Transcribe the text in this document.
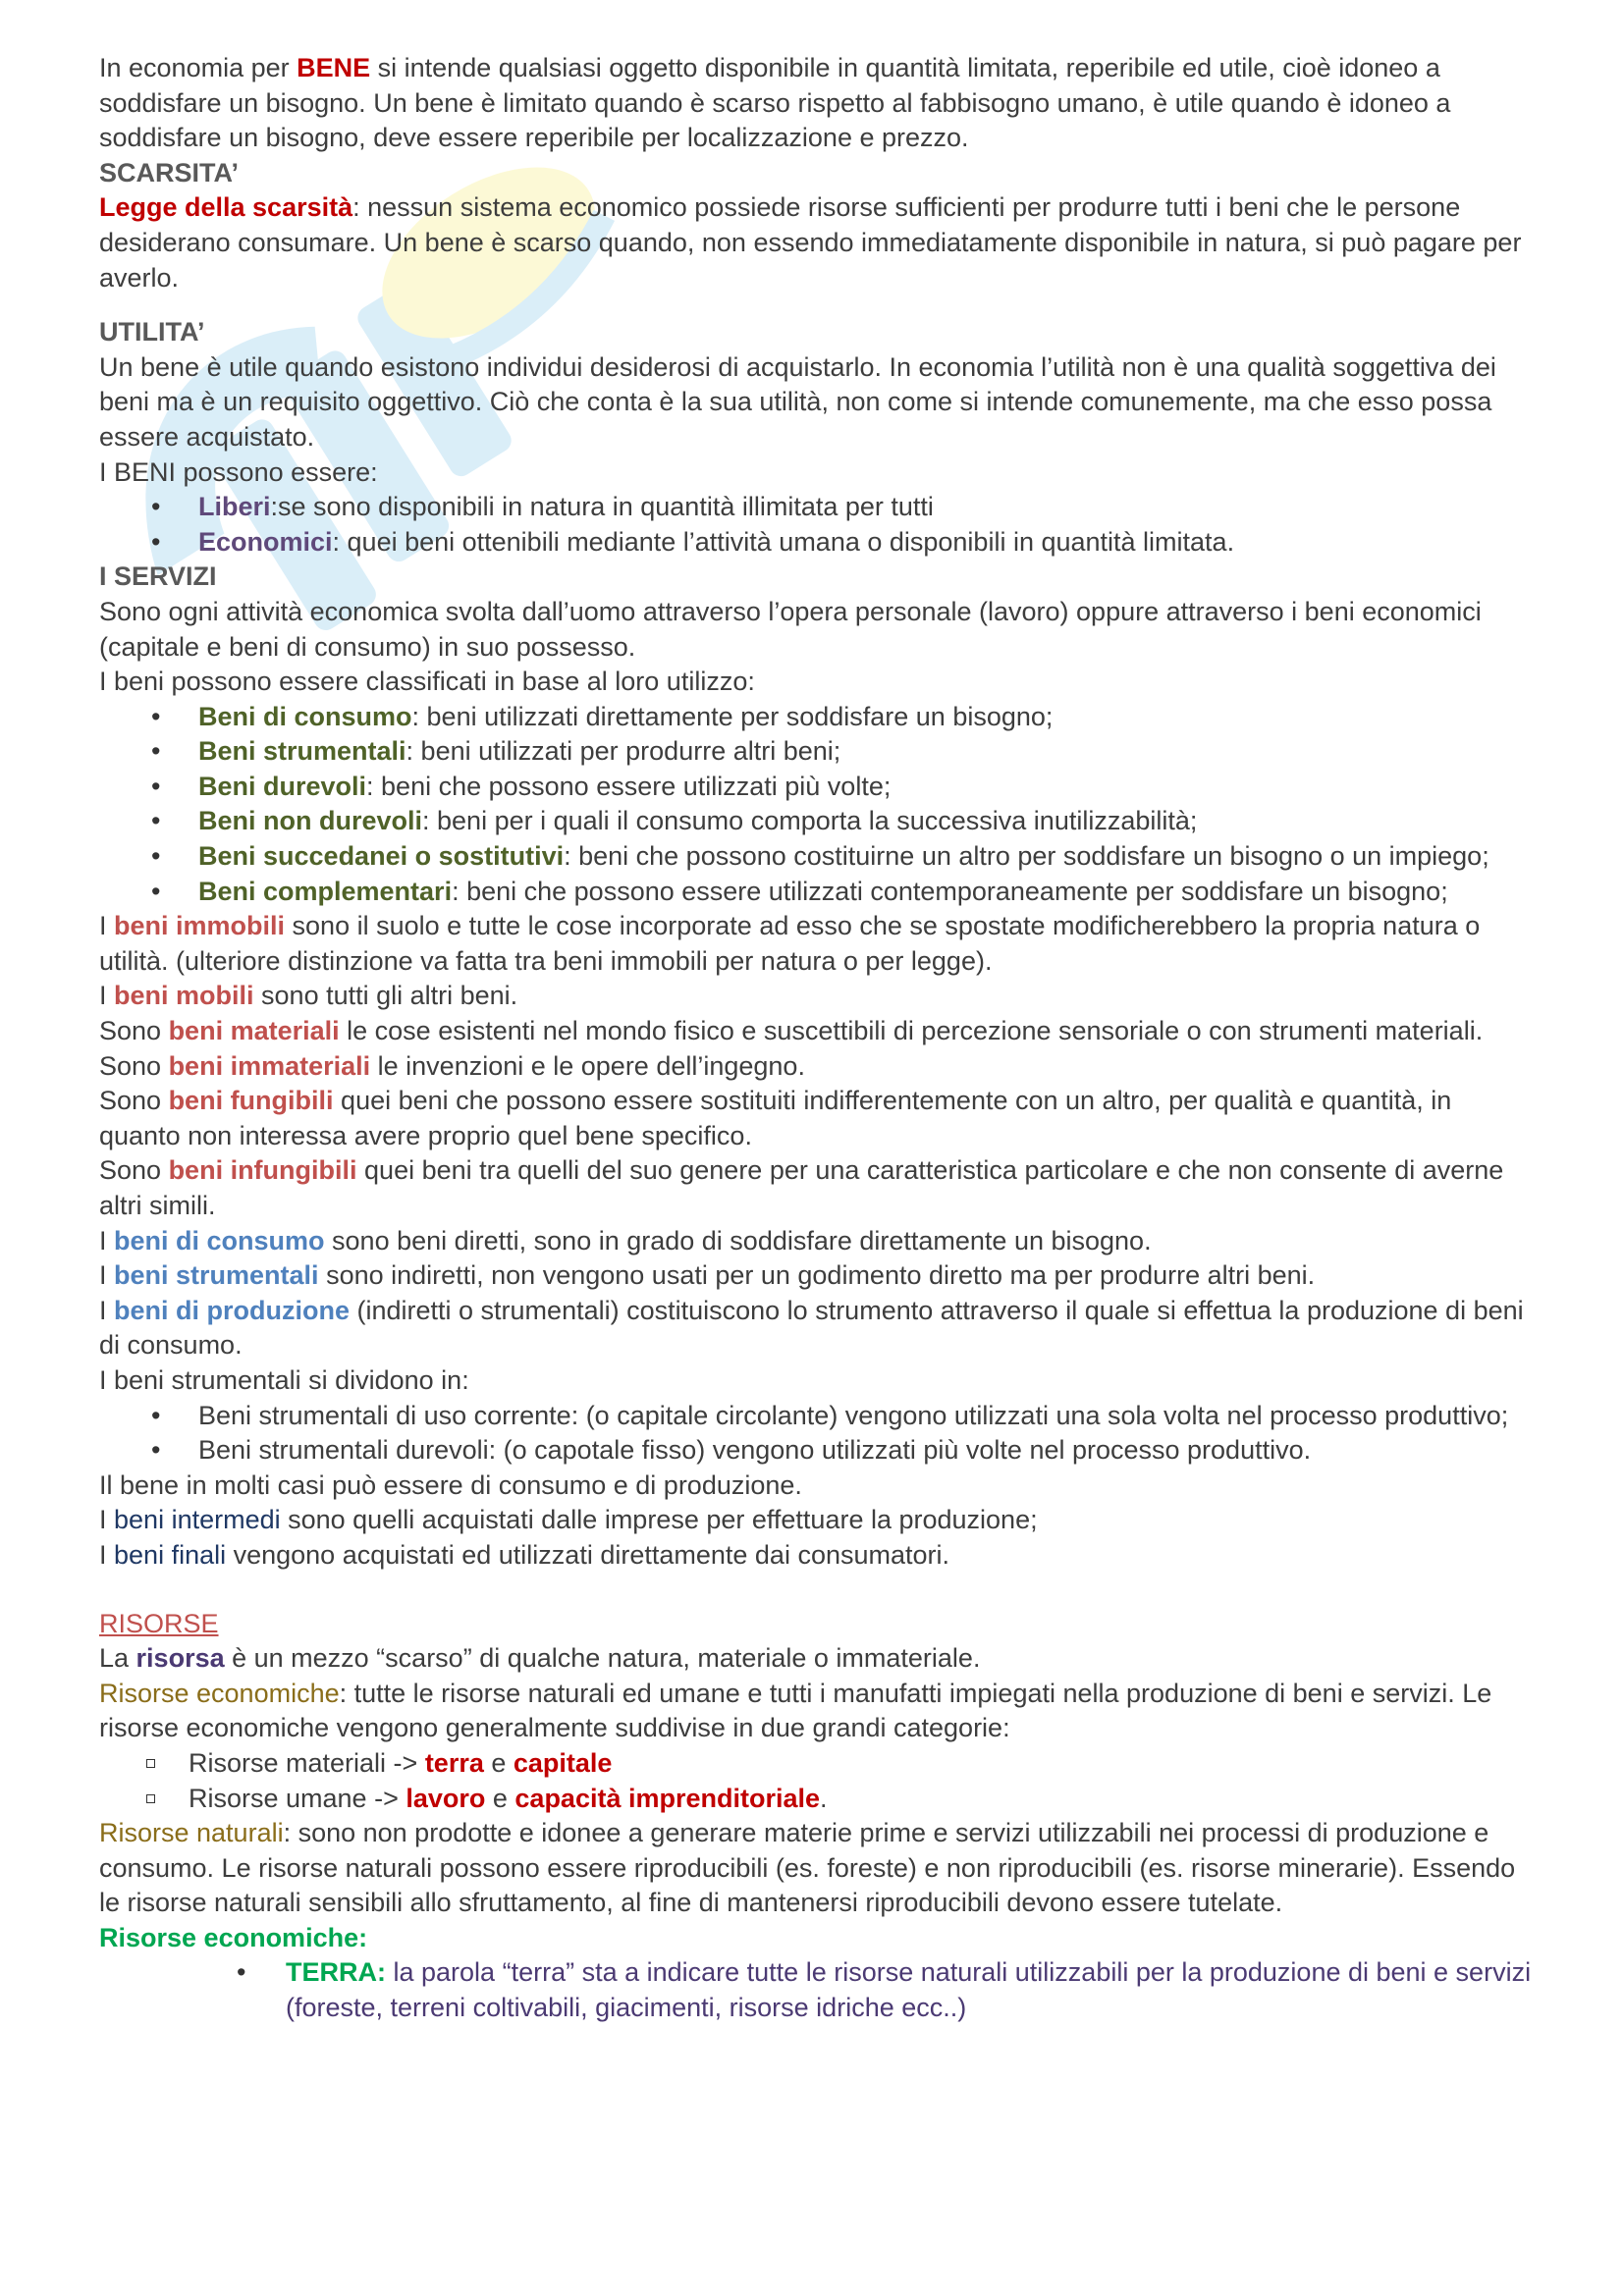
In economia per BENE si intende qualsiasi oggetto disponibile in quantità limitata, reperibile ed utile, cioè idoneo a soddisfare un bisogno. Un bene è limitato quando è scarso rispetto al fabbisogno umano, è utile quando è idoneo a soddisfare un bisogno, deve essere reperibile per localizzazione e prezzo.

SCARSITA’

Legge della scarsità: nessun sistema economico possiede risorse sufficienti per produrre tutti i beni che le persone desiderano consumare. Un bene è scarso quando, non essendo immediatamente disponibile in natura, si può pagare per averlo.

UTILITA’

Un bene è utile quando esistono individui desiderosi di acquistarlo. In economia l’utilità non è una qualità soggettiva dei beni ma è un requisito oggettivo. Ciò che conta è la sua utilità, non come si intende comunemente, ma che esso possa essere acquistato.

I BENI possono essere:

• Liberi:se sono disponibili in natura in quantità illimitata per tutti
• Economici: quei beni ottenibili mediante l’attività umana o disponibili in quantità limitata.

I SERVIZI

Sono ogni attività economica svolta dall’uomo attraverso l’opera personale (lavoro) oppure attraverso i beni economici (capitale e beni di consumo) in suo possesso.

I beni possono essere classificati in base al loro utilizzo:

• Beni di consumo: beni utilizzati direttamente per soddisfare un bisogno;
• Beni strumentali: beni utilizzati per produrre altri beni;
• Beni durevoli: beni che possono essere utilizzati più volte;
• Beni non durevoli: beni per i quali il consumo comporta la successiva inutilizzabilità;
• Beni succedanei o sostitutivi: beni che possono costituirne un altro per soddisfare un bisogno o un impiego;
• Beni complementari: beni che possono essere utilizzati contemporaneamente per soddisfare un bisogno;

I beni immobili sono il suolo e tutte le cose incorporate ad esso che se spostate modificherebbero la propria natura o utilità. (ulteriore distinzione va fatta tra beni immobili per natura o per legge).

I beni mobili sono tutti gli altri beni.

Sono beni materiali le cose esistenti nel mondo fisico e suscettibili di percezione sensoriale o con strumenti materiali.

Sono beni immateriali le invenzioni e le opere dell’ingegno.

Sono beni fungibili quei beni che possono essere sostituiti indifferentemente con un altro, per qualità e quantità, in quanto non interessa avere proprio quel bene specifico.

Sono beni infungibili quei beni tra quelli del suo genere per una caratteristica particolare e che non consente di averne altri simili.

I beni di consumo sono beni diretti, sono in grado di soddisfare direttamente un bisogno.

I beni strumentali sono indiretti, non vengono usati per un godimento diretto ma per produrre altri beni.

I beni di produzione (indiretti o strumentali) costituiscono lo strumento attraverso il quale si effettua la produzione di beni di consumo.

I beni strumentali si dividono in:

• Beni strumentali di uso corrente: (o capitale circolante) vengono utilizzati una sola volta nel processo produttivo;
• Beni strumentali durevoli: (o capotale fisso) vengono utilizzati più volte nel processo produttivo.

Il bene in molti casi può essere di consumo e di produzione.

I beni intermedi sono quelli acquistati dalle imprese per effettuare la produzione;

I beni finali vengono acquistati ed utilizzati direttamente dai consumatori.

RISORSE

La risorsa è un mezzo “scarso” di qualche natura, materiale o immateriale.

Risorse economiche: tutte le risorse naturali ed umane e tutti i manufatti impiegati nella produzione di beni e servizi. Le risorse economiche vengono generalmente suddivise in due grandi categorie:

Risorse materiali -> terra e capitale
Risorse umane -> lavoro e capacità imprenditoriale.

Risorse naturali: sono non prodotte e idonee a generare materie prime e servizi utilizzabili nei processi di produzione e consumo. Le risorse naturali possono essere riproducibili (es. foreste) e non riproducibili (es. risorse minerarie). Essendo le risorse naturali sensibili allo sfruttamento, al fine di mantenersi riproducibili devono essere tutelate.

Risorse economiche:

• TERRA: la parola “terra” sta a indicare tutte le risorse naturali utilizzabili per la produzione di beni e servizi (foreste, terreni coltivabili, giacimenti, risorse idriche ecc..)
